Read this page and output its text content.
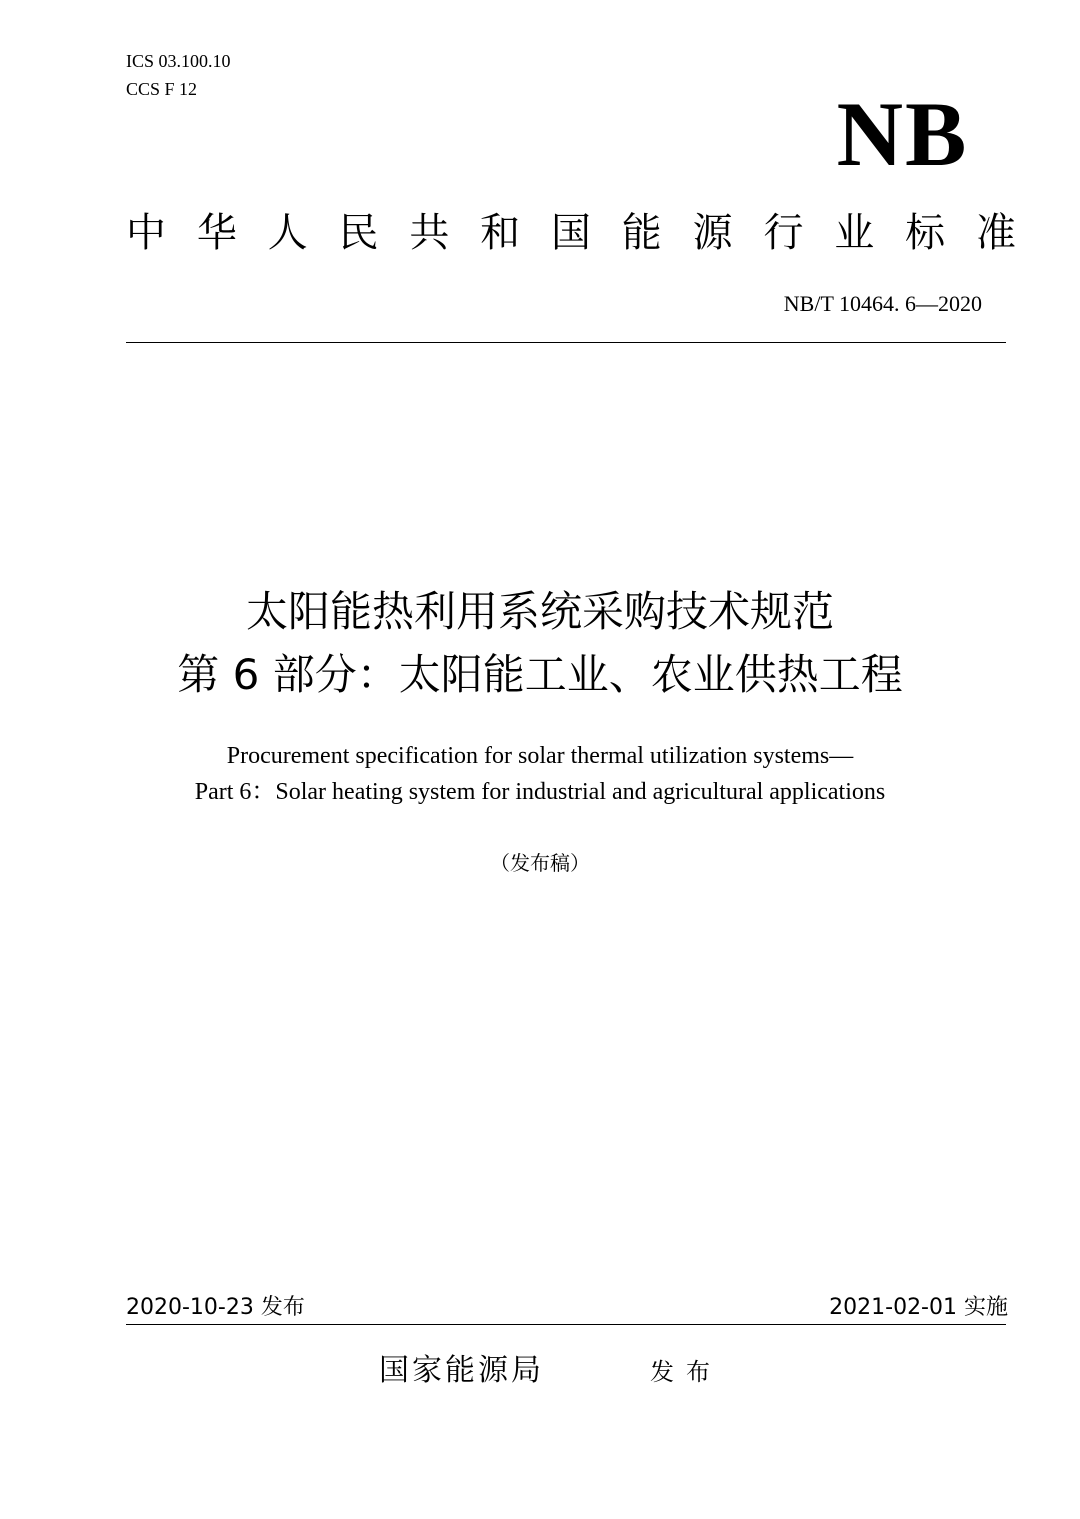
ICS 03.100.10
CCS F 12	NB
中 华 人 民 共 和 国 能 源 行 业 标 准
NB/T 10464. 6—2020
太阳能热利用系统采购技术规范
第 6 部分：太阳能工业、农业供热工程
Procurement specification for solar thermal utilization systems—
Part 6：Solar heating system for industrial and agricultural applications
（发布稿）
2020-10-23 发布	2021-02-01 实施
国家能源局	发布
